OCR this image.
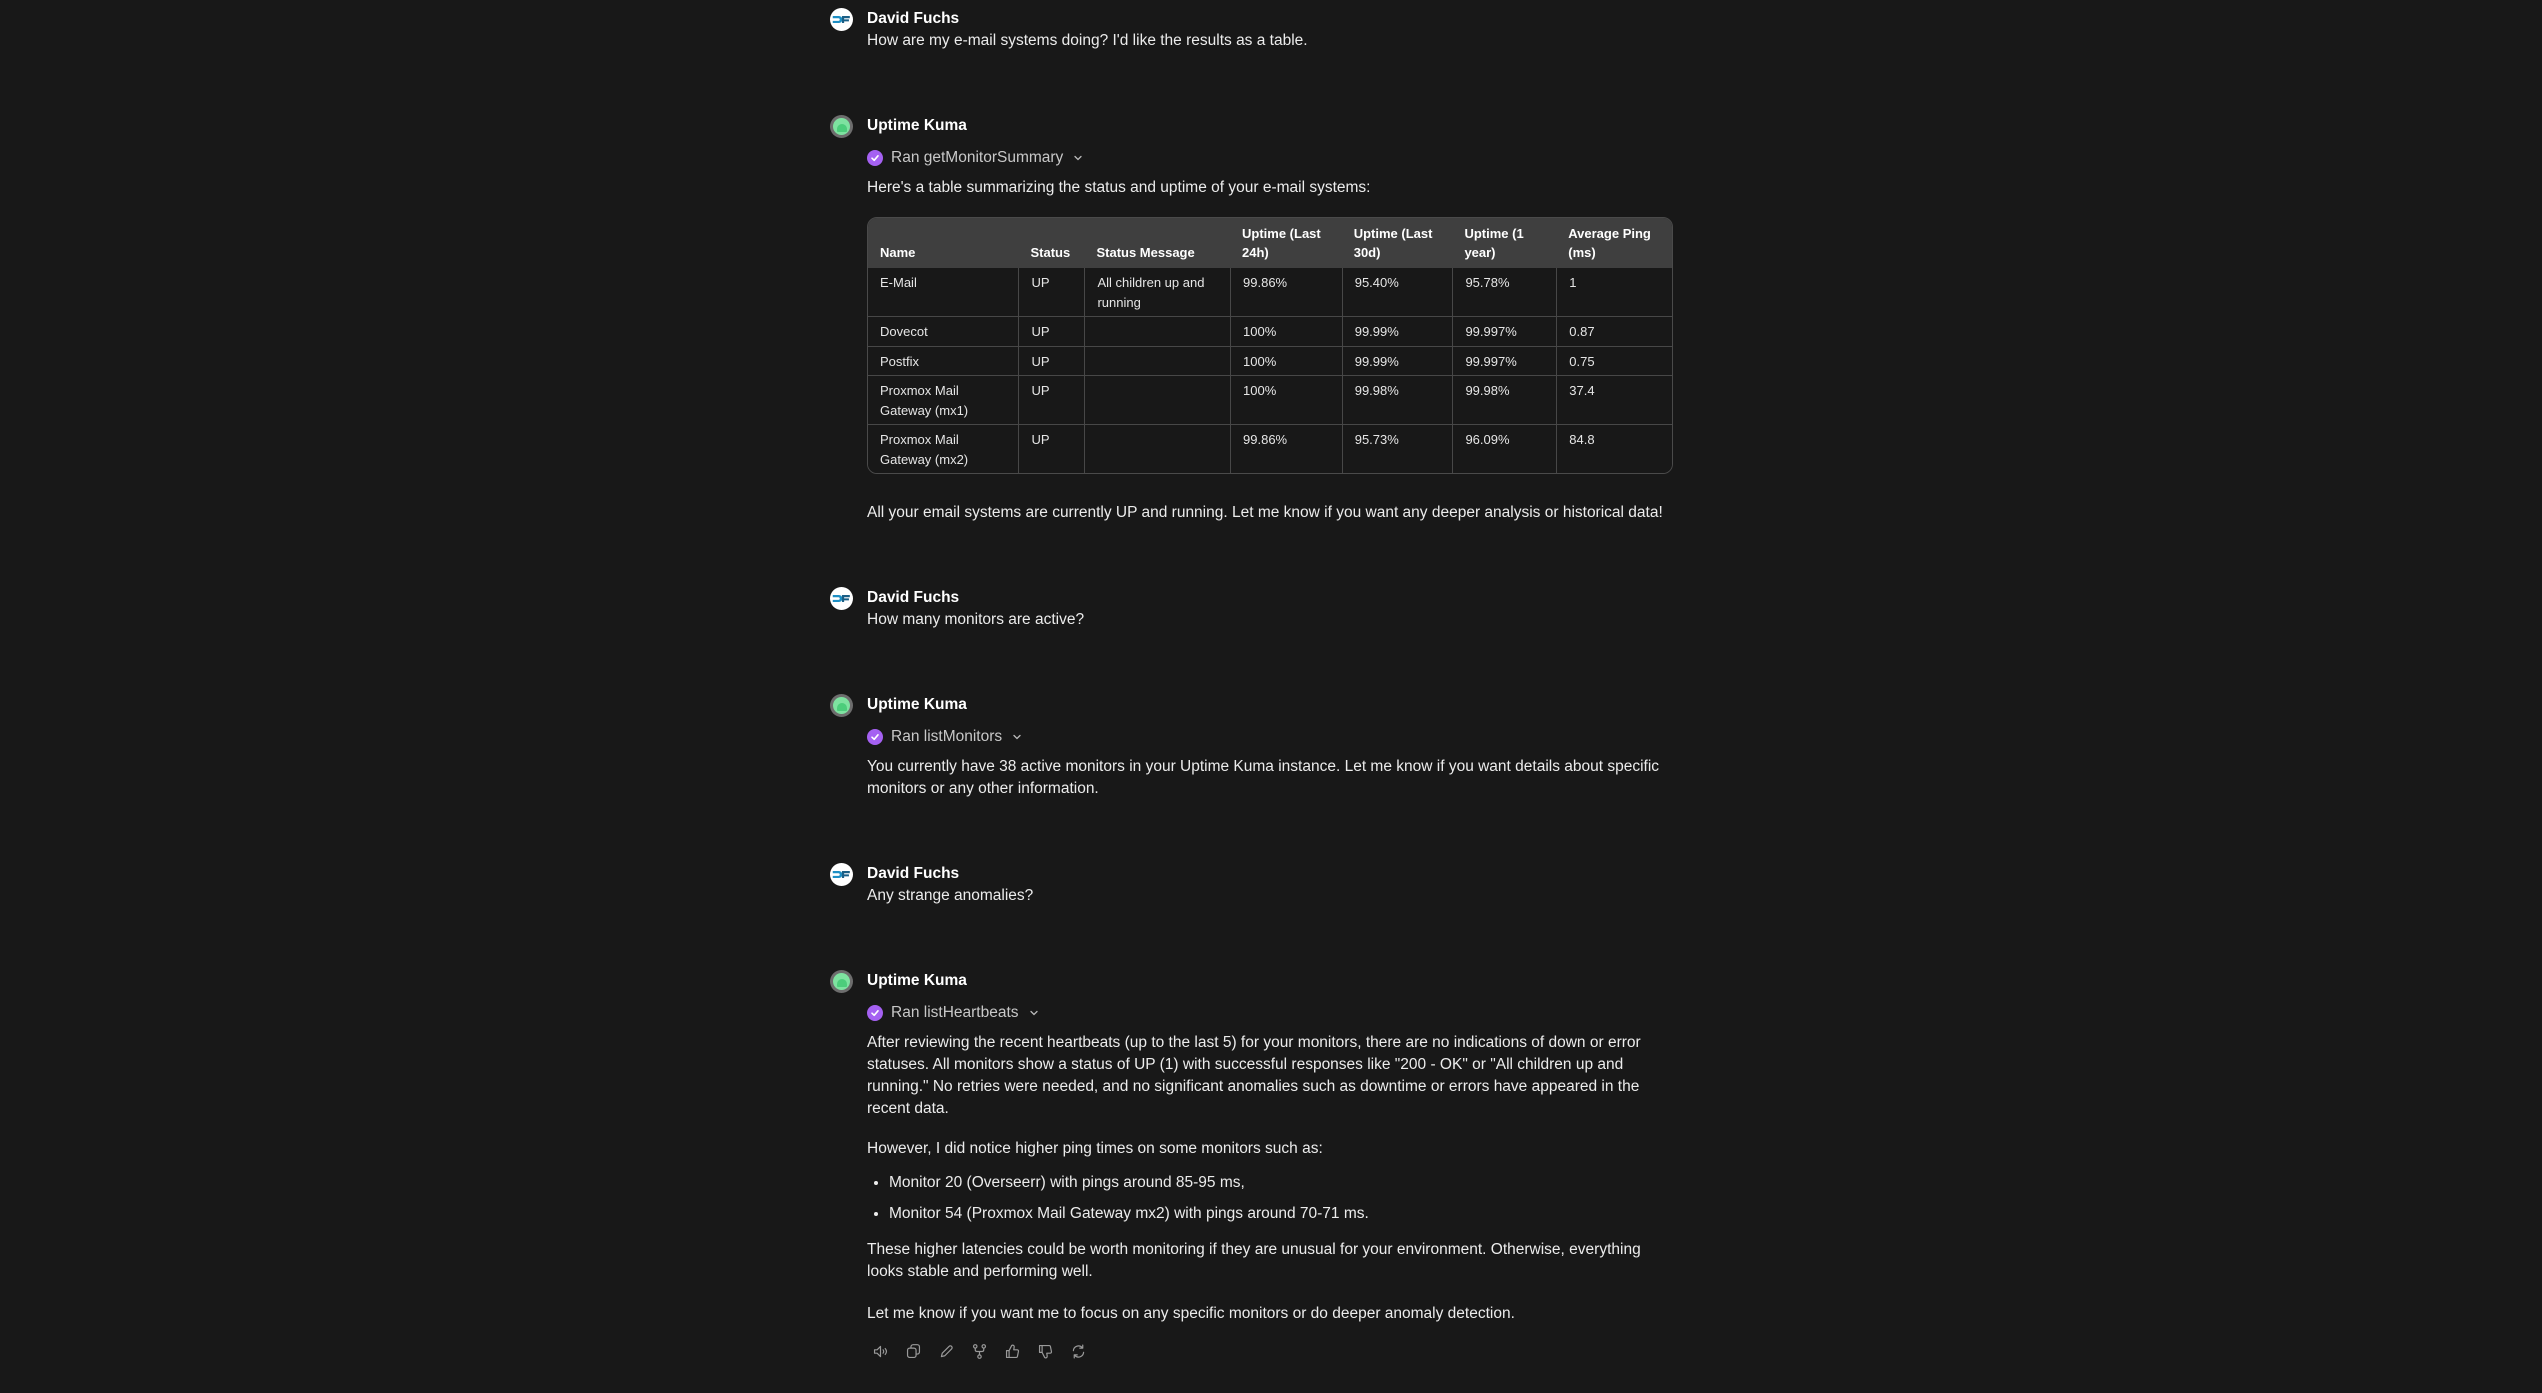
David Fuchs
How are my e-mail systems doing? I'd like the results as a table.
Uptime Kuma
Ran
getMonitorSummary
Here's a table summarizing the status and uptime of your e-mail systems:
Name	Status	Status Message	Uptime (Last 24h)	Uptime (Last 30d)	Uptime (1 year)	Average Ping (ms)
E-Mail	UP	All children up and running	99.86%	95.40%	95.78%	1
Dovecot	UP		100%	99.99%	99.997%	0.87
Postfix	UP		100%	99.99%	99.997%	0.75
Proxmox Mail Gateway (mx1)	UP		100%	99.98%	99.98%	37.4
Proxmox Mail Gateway (mx2)	UP		99.86%	95.73%	96.09%	84.8
All your email systems are currently UP and running. Let me know if you want any deeper analysis or historical data!
David Fuchs
How many monitors are active?
Uptime Kuma
Ran
listMonitors
You currently have 38 active monitors in your Uptime Kuma instance. Let me know if you want details about specific monitors or any other information.
David Fuchs
Any strange anomalies?
Uptime Kuma
Ran
listHeartbeats
After reviewing the recent heartbeats (up to the last 5) for your monitors, there are no indications of down or error statuses. All monitors show a status of UP (1) with successful responses like "200 - OK" or "All children up and running." No retries were needed, and no significant anomalies such as downtime or errors have appeared in the recent data.
However, I did notice higher ping times on some monitors such as:
• Monitor 20 (Overseerr) with pings around 85-95 ms,
• Monitor 54 (Proxmox Mail Gateway mx2) with pings around 70-71 ms.
These higher latencies could be worth monitoring if they are unusual for your environment. Otherwise, everything looks stable and performing well.
Let me know if you want me to focus on any specific monitors or do deeper anomaly detection.
